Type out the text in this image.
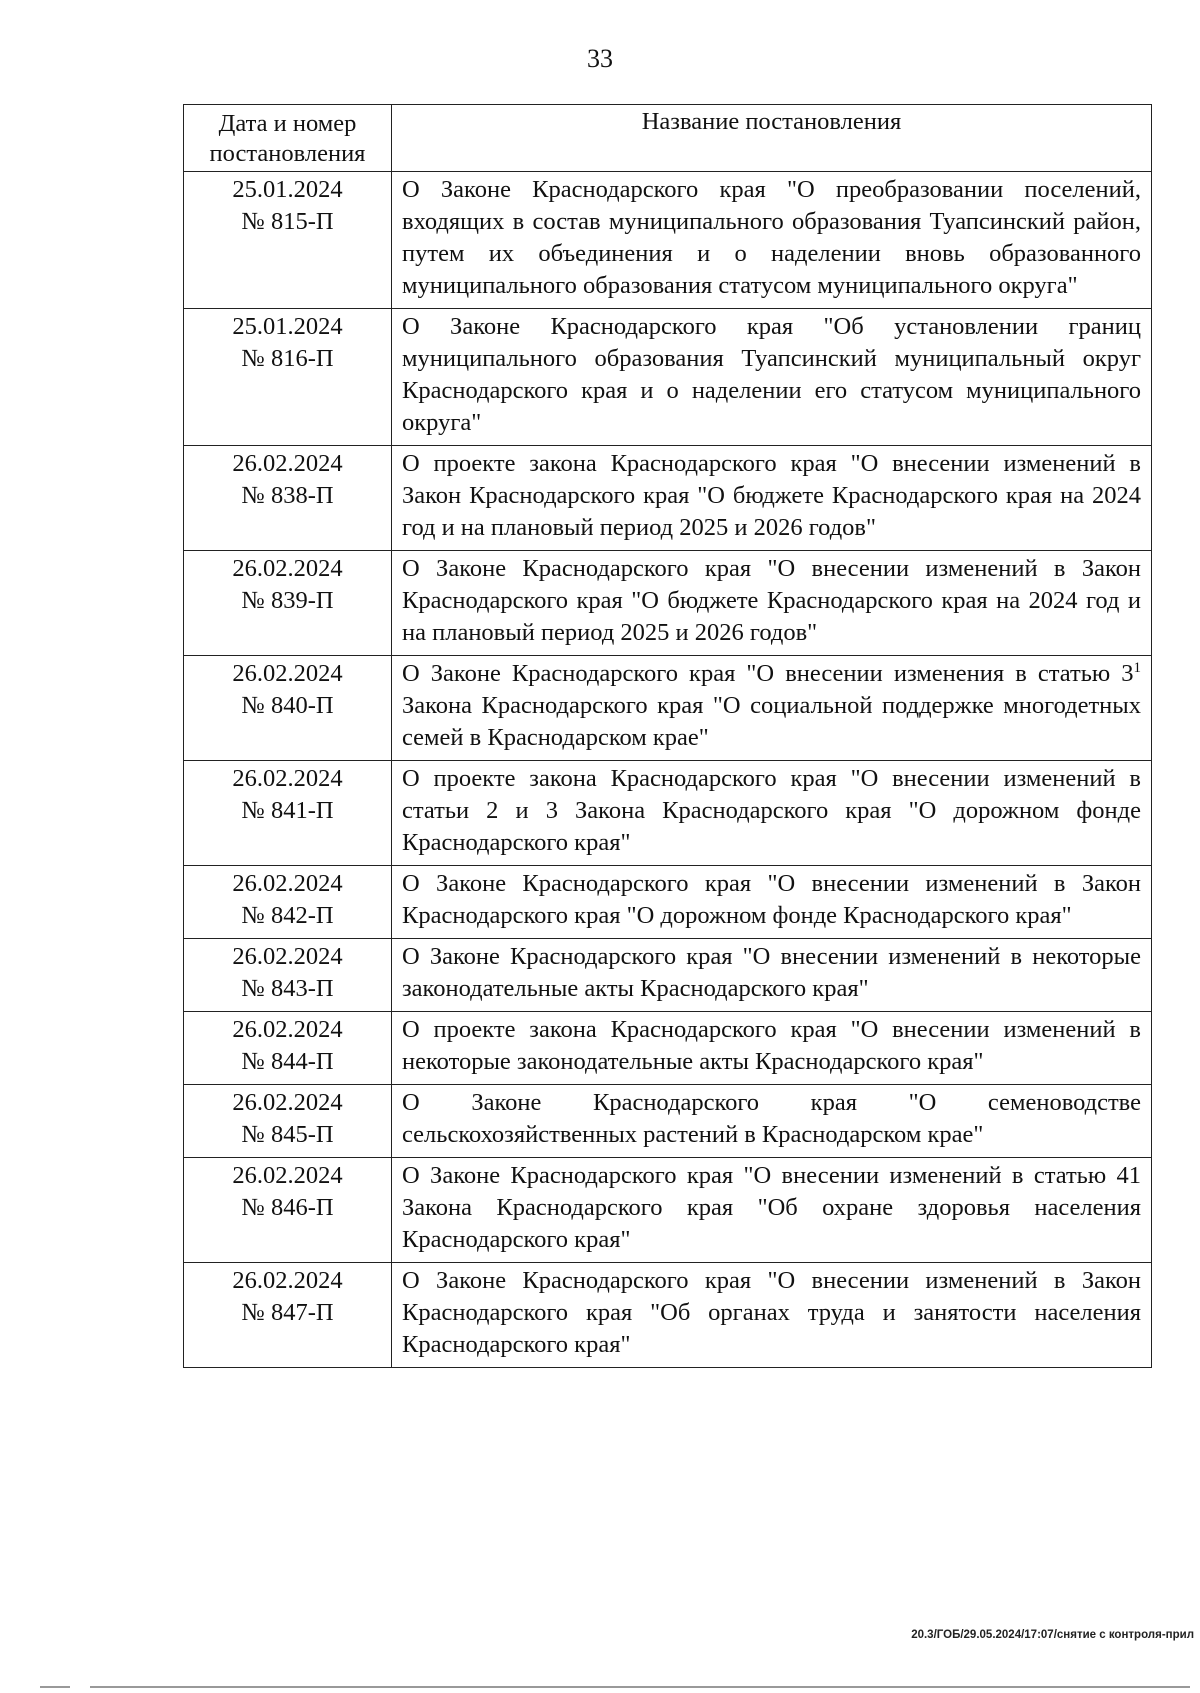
33
Дата и номер постановления	Название постановления

25.01.2024
№ 815-П	О Законе Краснодарского края "О преобразовании поселений, входящих в состав муниципального образования Туапсинский район, путем их объединения и о наделении вновь образованного муниципального образования статусом муниципального округа"

25.01.2024
№ 816-П	О Законе Краснодарского края "Об установлении границ муниципального образования Туапсинский муниципальный округ Краснодарского края и о наделении его статусом муниципального округа"

26.02.2024
№ 838-П	О проекте закона Краснодарского края "О внесении изменений в Закон Краснодарского края "О бюджете Краснодарского края на 2024 год и на плановый период 2025 и 2026 годов"

26.02.2024
№ 839-П	О Законе Краснодарского края "О внесении изменений в Закон Краснодарского края "О бюджете Краснодарского края на 2024 год и на плановый период 2025 и 2026 годов"

26.02.2024
№ 840-П	О Законе Краснодарского края "О внесении изменения в статью $3^1$ Закона Краснодарского края "О социальной поддержке многодетных семей в Краснодарском крае"

26.02.2024
№ 841-П	О проекте закона Краснодарского края "О внесении изменений в статьи 2 и 3 Закона Краснодарского края "О дорожном фонде Краснодарского края"

26.02.2024
№ 842-П	О Законе Краснодарского края "О внесении изменений в Закон Краснодарского края "О дорожном фонде Краснодарского края"

26.02.2024
№ 843-П	О Законе Краснодарского края "О внесении изменений в некоторые законодательные акты Краснодарского края"

26.02.2024
№ 844-П	О проекте закона Краснодарского края "О внесении изменений в некоторые законодательные акты Краснодарского края"

26.02.2024
№ 845-П	О Законе Краснодарского края "О семеноводстве сельскохозяйственных растений в Краснодарском крае"

26.02.2024
№ 846-П	О Законе Краснодарского края "О внесении изменений в статью 41 Закона Краснодарского края "Об охране здоровья населения Краснодарского края"

26.02.2024
№ 847-П	О Законе Краснодарского края "О внесении изменений в Закон Краснодарского края "Об органах труда и занятости населения Краснодарского края"
20.3/ГОБ/29.05.2024/17:07/снятие с контроля-прил
